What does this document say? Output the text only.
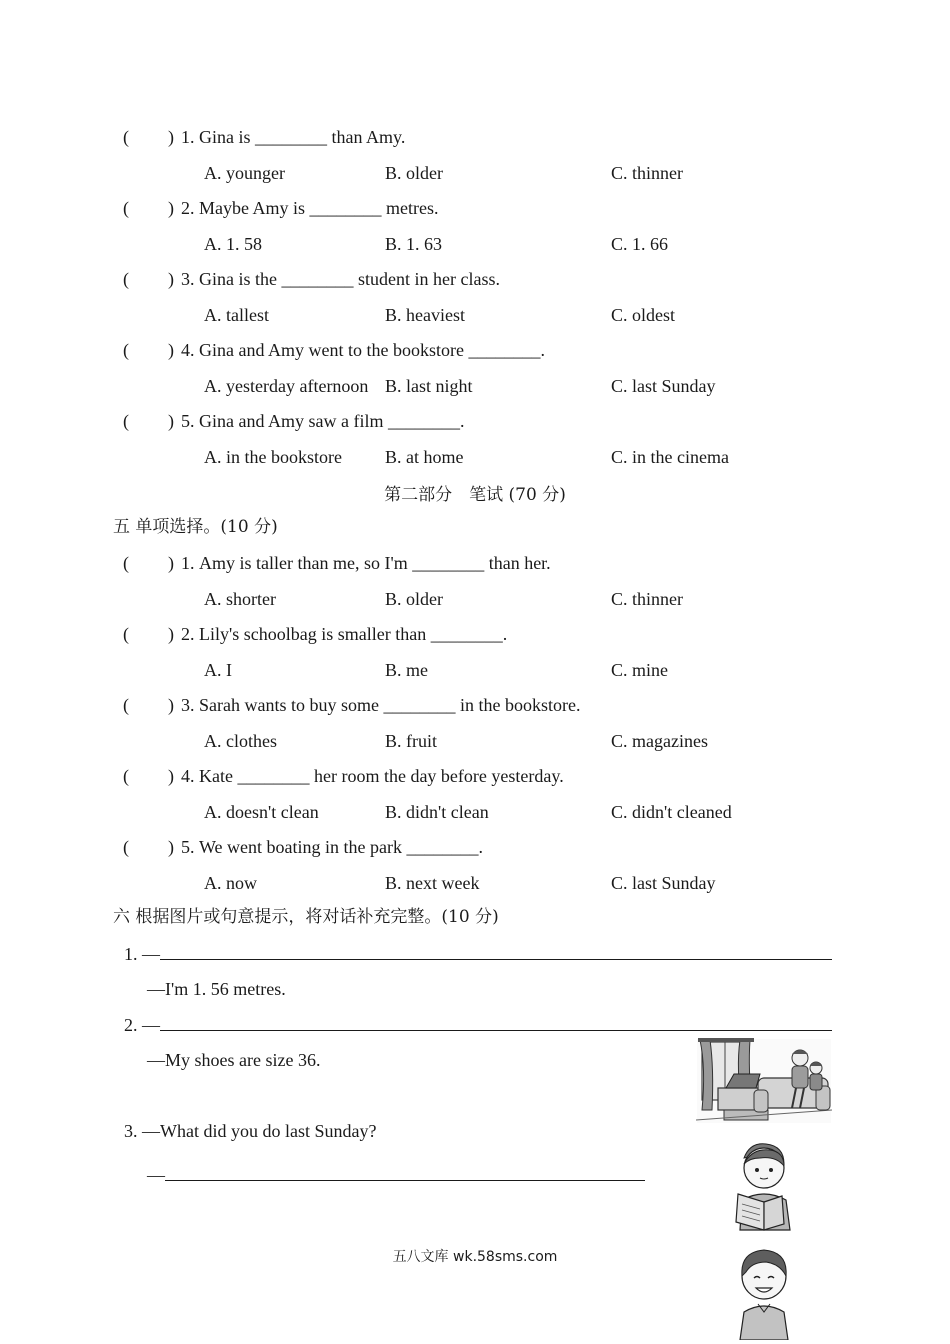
( ) 1. Gina is ________ than Amy.
A. younger	B. older	C. thinner
( ) 2. Maybe Amy is ________ metres.
A. 1. 58	B. 1. 63	C. 1. 66
( ) 3. Gina is the ________ student in her class.
A. tallest	B. heaviest	C. oldest
( ) 4. Gina and Amy went to the bookstore ________.
A. yesterday afternoon B. last night	C. last Sunday
( ) 5. Gina and Amy saw a film ________.
A. in the bookstore B. at home	C. in the cinema
第二部分　笔试 (70 分)
五 单项选择。(10 分)
( ) 1. Amy is taller than me, so I'm ________ than her.
A. shorter	B. older	C. thinner
( ) 2. Lily's schoolbag is smaller than ________.
A. I	B. me	C. mine
( ) 3. Sarah wants to buy some ________ in the bookstore.
A. clothes	B. fruit	C. magazines
( ) 4. Kate ________ her room the day before yesterday.
A. doesn't clean	B. didn't clean	C. didn't cleaned
( ) 5. We went boating in the park ________.
A. now	B. next week	C. last Sunday
六 根据图片或句意提示，将对话补充完整。(10 分)
1. —
—I'm 1. 56 metres.
2. —
—My shoes are size 36.
3. —What did you do last Sunday?
—
五八文库 wk.58sms.com
